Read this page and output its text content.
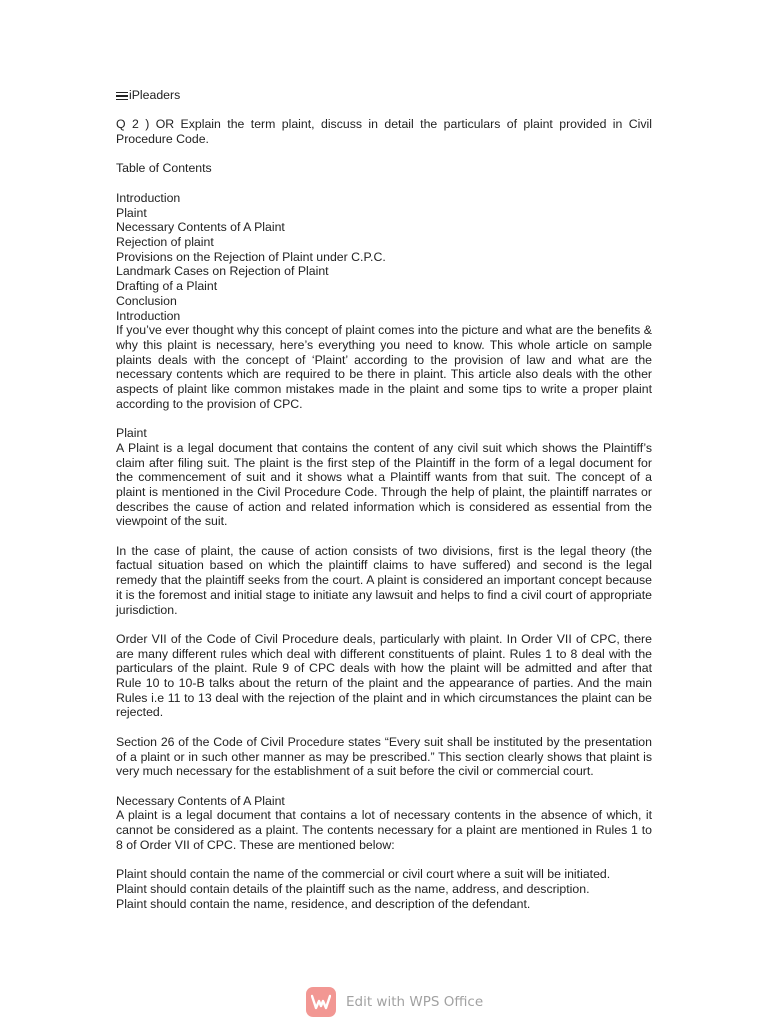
iPleaders

Q 2 ) OR Explain the term plaint, discuss in detail the particulars of plaint provided in Civil Procedure Code.

Table of Contents

Introduction
Plaint
Necessary Contents of A Plaint
Rejection of plaint
Provisions on the Rejection of Plaint under C.P.C.
Landmark Cases on Rejection of Plaint
Drafting of a Plaint
Conclusion

Introduction

If you’ve ever thought why this concept of plaint comes into the picture and what are the benefits & why this plaint is necessary, here’s everything you need to know. This whole article on sample plaints deals with the concept of ‘Plaint’ according to the provision of law and what are the necessary contents which are required to be there in plaint. This article also deals with the other aspects of plaint like common mistakes made in the plaint and some tips to write a proper plaint according to the provision of CPC.

Plaint

A Plaint is a legal document that contains the content of any civil suit which shows the Plaintiff’s claim after filing suit. The plaint is the first step of the Plaintiff in the form of a legal document for the commencement of suit and it shows what a Plaintiff wants from that suit. The concept of a plaint is mentioned in the Civil Procedure Code. Through the help of plaint, the plaintiff narrates or describes the cause of action and related information which is considered as essential from the viewpoint of the suit.

In the case of plaint, the cause of action consists of two divisions, first is the legal theory (the factual situation based on which the plaintiff claims to have suffered) and second is the legal remedy that the plaintiff seeks from the court. A plaint is considered an important concept because it is the foremost and initial stage to initiate any lawsuit and helps to find a civil court of appropriate jurisdiction.

Order VII of the Code of Civil Procedure deals, particularly with plaint. In Order VII of CPC, there are many different rules which deal with different constituents of plaint. Rules 1 to 8 deal with the particulars of the plaint. Rule 9 of CPC deals with how the plaint will be admitted and after that Rule 10 to 10-B talks about the return of the plaint and the appearance of parties. And the main Rules i.e 11 to 13 deal with the rejection of the plaint and in which circumstances the plaint can be rejected.

Section 26 of the Code of Civil Procedure states “Every suit shall be instituted by the presentation of a plaint or in such other manner as may be prescribed.” This section clearly shows that plaint is very much necessary for the establishment of a suit before the civil or commercial court.

Necessary Contents of A Plaint

A plaint is a legal document that contains a lot of necessary contents in the absence of which, it cannot be considered as a plaint. The contents necessary for a plaint are mentioned in Rules 1 to 8 of Order VII of CPC. These are mentioned below:

Plaint should contain the name of the commercial or civil court where a suit will be initiated.
Plaint should contain details of the plaintiff such as the name, address, and description.
Plaint should contain the name, residence, and description of the defendant.
Edit with WPS Office
